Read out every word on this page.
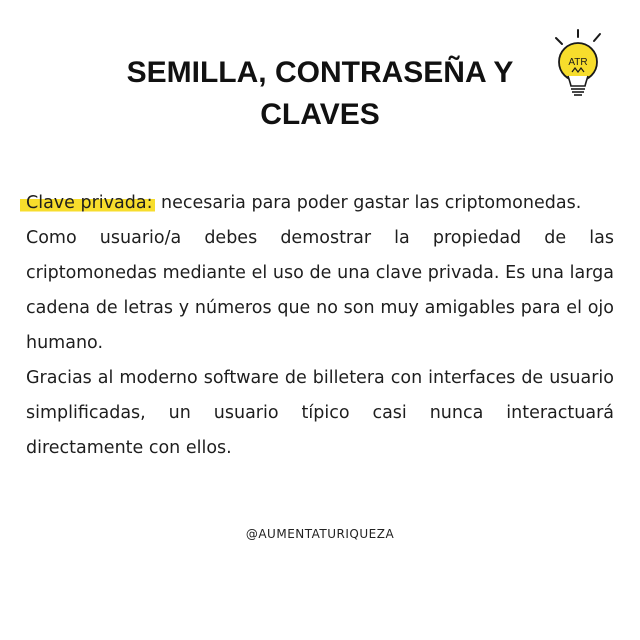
SEMILLA, CONTRASEÑA Y
CLAVES
ATR
Clave privada: necesaria para poder gastar las criptomonedas.
Como usuario/a debes demostrar la propiedad de las criptomonedas mediante el uso de una clave privada. Es una larga cadena de letras y números que no son muy amigables para el ojo humano.
Gracias al moderno software de billetera con interfaces de usuario simplificadas, un usuario típico casi nunca interactuará directamente con ellos.
@AUMENTATURIQUEZA
